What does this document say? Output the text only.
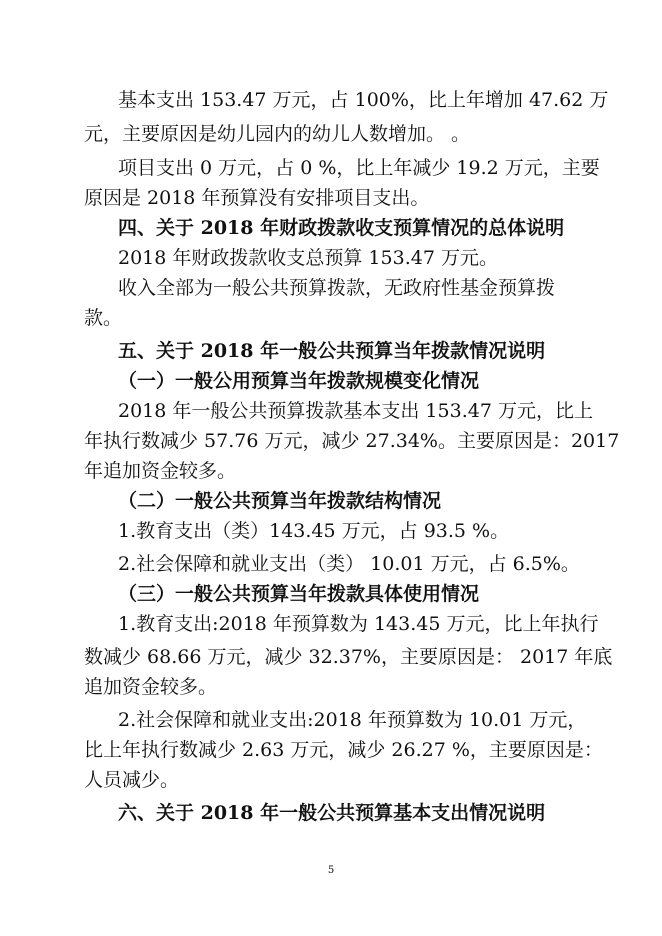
基本支出 153.47 万元，占 100%，比上年增加 47.62 万
元，主要原因是幼儿园内的幼儿人数增加。 。
项目支出 0 万元，占 0 %，比上年减少 19.2 万元，主要
原因是 2018 年预算没有安排项目支出。
四、关于 2018 年财政拨款收支预算情况的总体说明
2018 年财政拨款收支总预算 153.47 万元。
收入全部为一般公共预算拨款，无政府性基金预算拨
款。
五、关于 2018 年一般公共预算当年拨款情况说明
（一）一般公用预算当年拨款规模变化情况
2018 年一般公共预算拨款基本支出 153.47 万元，比上
年执行数减少 57.76 万元，减少 27.34%。主要原因是：2017
年追加资金较多。
（二）一般公共预算当年拨款结构情况
1.教育支出（类）143.45 万元，占 93.5 %。
2.社会保障和就业支出（类） 10.01 万元，占 6.5%。
（三）一般公共预算当年拨款具体使用情况
1.教育支出:2018 年预算数为 143.45 万元，比上年执行
数减少 68.66 万元，减少 32.37%，主要原因是： 2017 年底
追加资金较多。
2.社会保障和就业支出:2018 年预算数为 10.01 万元，
比上年执行数减少 2.63 万元，减少 26.27 %，主要原因是：
人员减少。
六、关于 2018 年一般公共预算基本支出情况说明
5
